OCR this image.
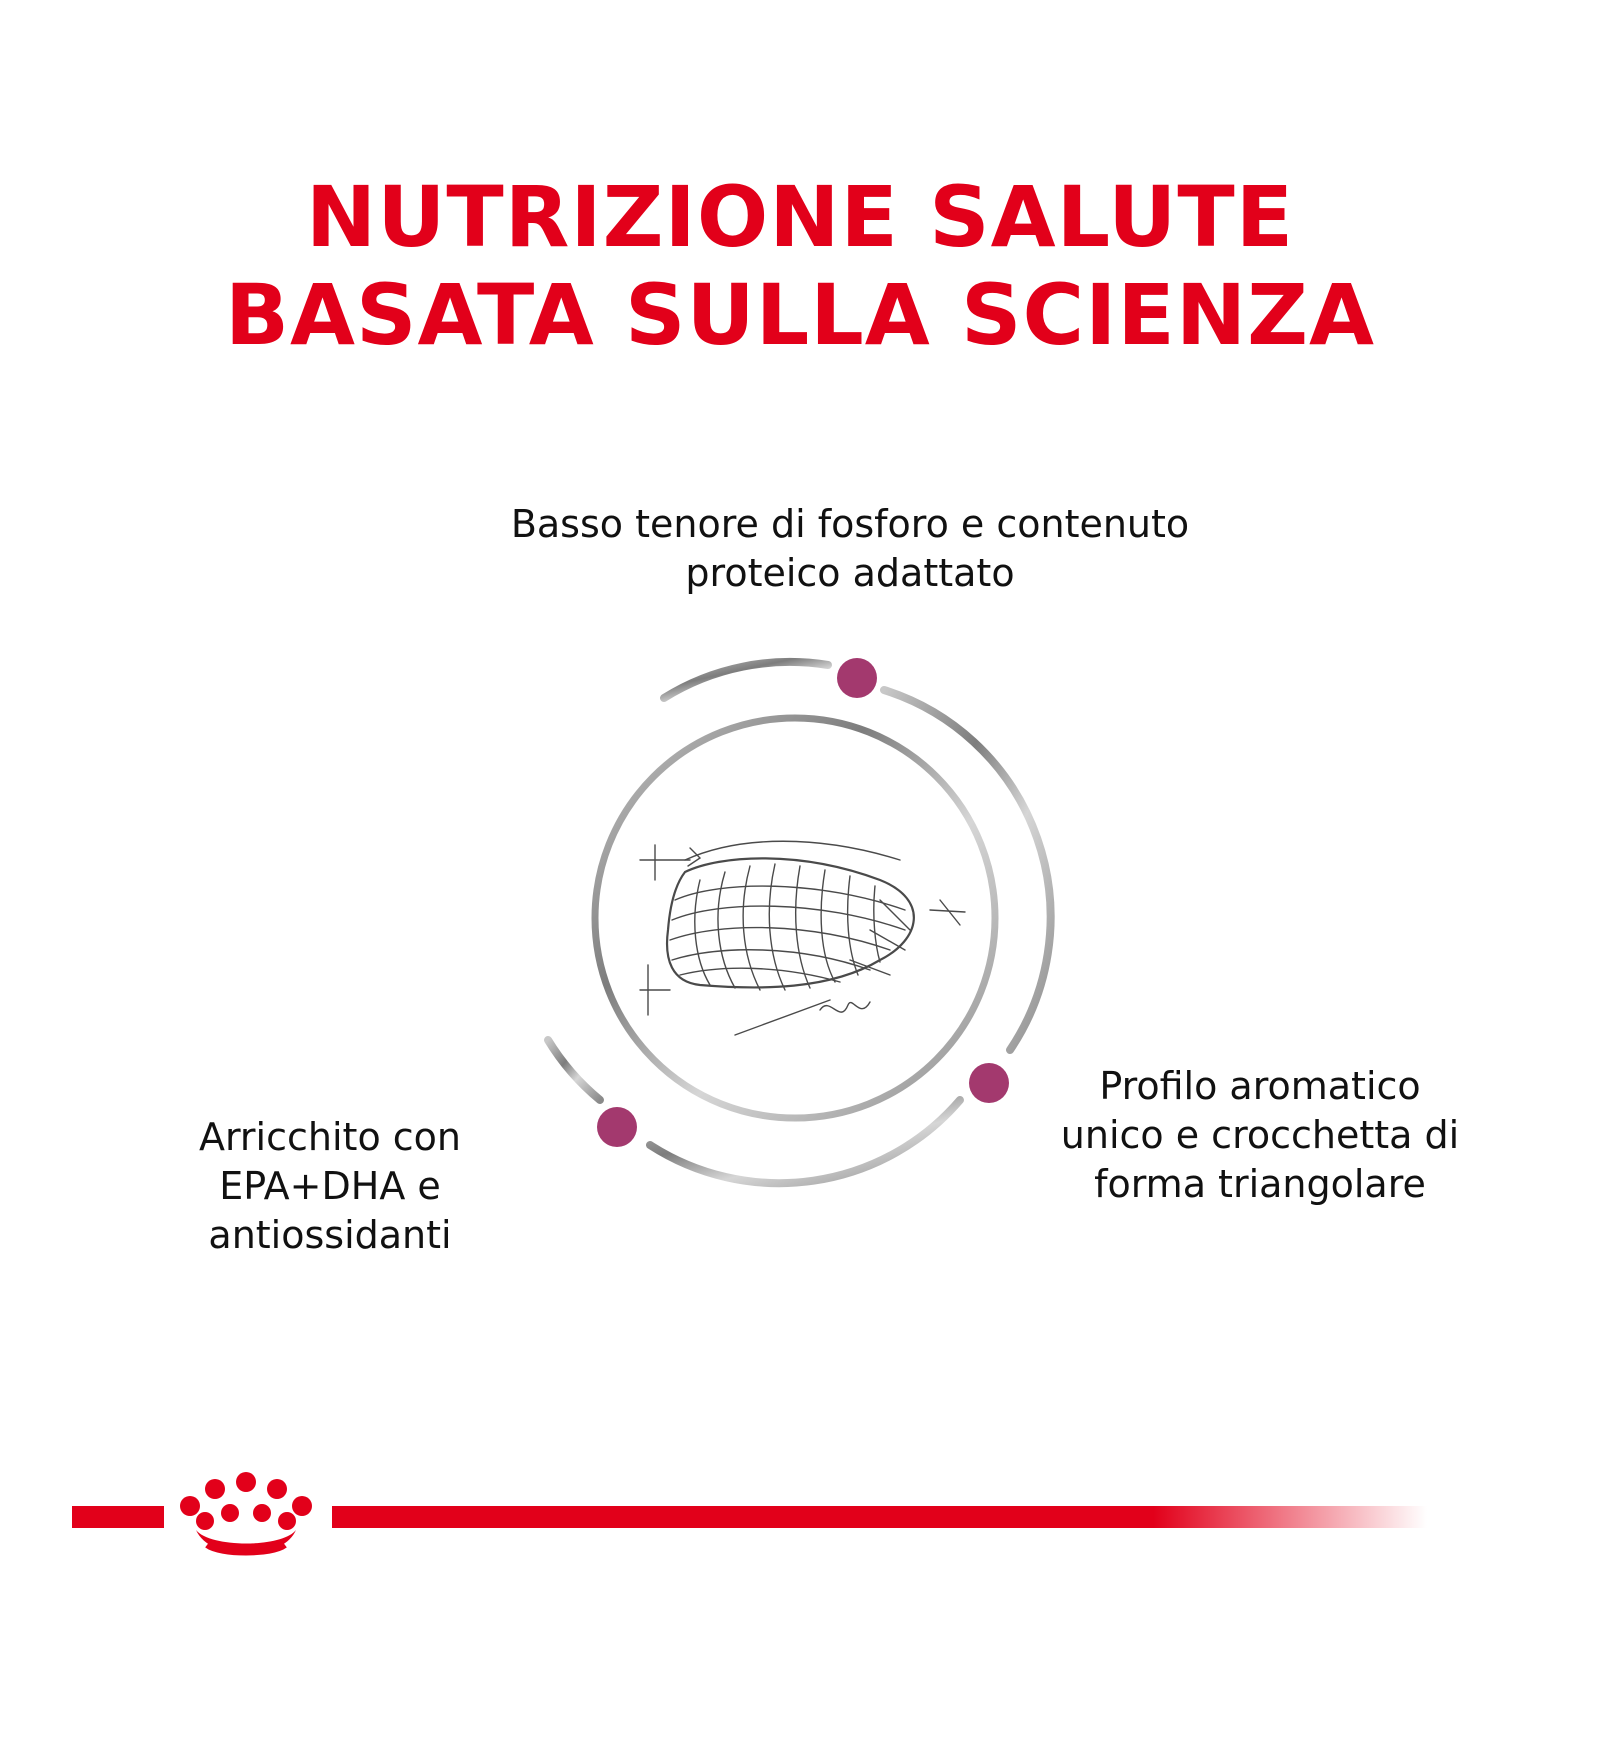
NUTRIZIONE SALUTE
BASATA SULLA SCIENZA
Basso tenore di fosforo e contenuto
proteico adattato
Arricchito con
EPA+DHA e
antiossidanti
Profilo aromatico
unico e crocchetta di
forma triangolare
